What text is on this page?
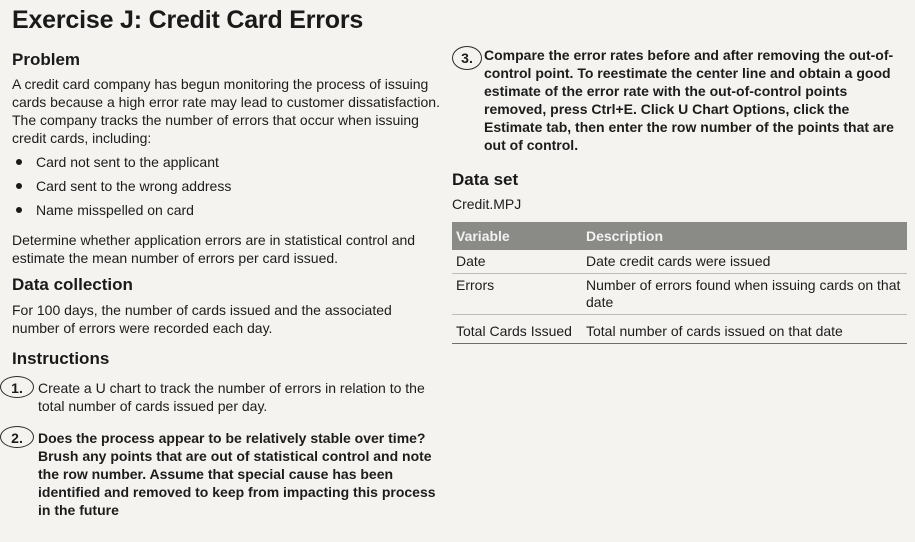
Exercise J: Credit Card Errors
Problem

A credit card company has begun monitoring the process of issuing cards because a high error rate may lead to customer dissatisfaction. The company tracks the number of errors that occur when issuing credit cards, including:

Card not sent to the applicant
Card sent to the wrong address
Name misspelled on card

Determine whether application errors are in statistical control and estimate the mean number of errors per card issued.

Data collection

For 100 days, the number of cards issued and the associated number of errors were recorded each day.

Instructions
1.	Create a U chart to track the number of errors in relation to the total number of cards issued per day.
2.	Does the process appear to be relatively stable over time? Brush any points that are out of statistical control and note the row number. Assume that special cause has been identified and removed to keep from impacting this process in the future
3. Compare the error rates before and after removing the out-of-control point. To reestimate the center line and obtain a good estimate of the error rate with the out-of-control points removed, press Ctrl+E. Click U Chart Options, click the Estimate tab, then enter the row number of the points that are out of control.
Data set
Credit.MPJ
Variable	Description
Date	Date credit cards were issued
Errors	Number of errors found when issuing cards on that date
Total Cards Issued	Total number of cards issued on that date
